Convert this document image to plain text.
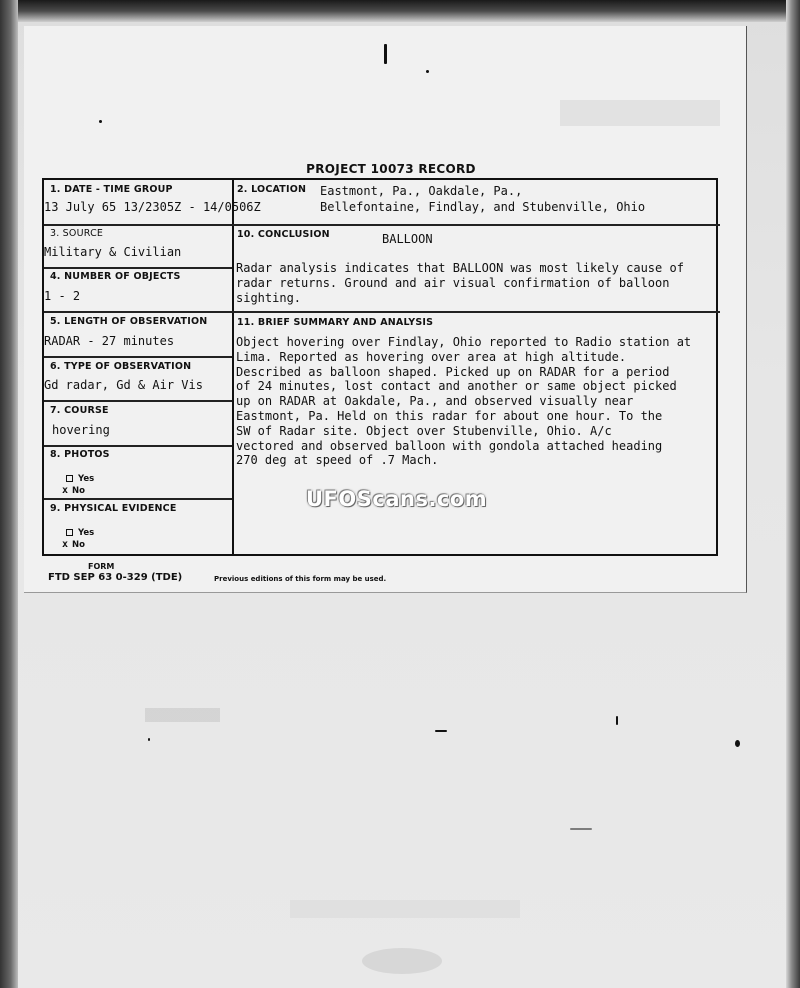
PROJECT 10073 RECORD
1. DATE - TIME GROUP
13 July 65 13/2305Z - 14/0506Z
2. LOCATION Eastmont, Pa., Oakdale, Pa.,
Bellefontaine, Findlay, and Stubenville, Ohio
3. SOURCE
Military & Civilian
4. NUMBER OF OBJECTS
1 - 2
5. LENGTH OF OBSERVATION
RADAR - 27 minutes
6. TYPE OF OBSERVATION
Gd radar, Gd & Air Vis
7. COURSE
hovering
8. PHOTOS
Yes
x No
9. PHYSICAL EVIDENCE
Yes
x No
10. CONCLUSION	BALLOON
Radar analysis indicates that BALLOON was most likely cause of
radar returns. Ground and air visual confirmation of balloon
sighting.
11. BRIEF SUMMARY AND ANALYSIS
Object hovering over Findlay, Ohio reported to Radio station at
Lima. Reported as hovering over area at high altitude.
Described as balloon shaped. Picked up on RADAR for a period
of 24 minutes, lost contact and another or same object picked
up on RADAR at Oakdale, Pa., and observed visually near
Eastmont, Pa. Held on this radar for about one hour. To the
SW of Radar site. Object over Stubenville, Ohio. A/c
vectored and observed balloon with gondola attached heading
270 deg at speed of .7 Mach.
FORM
FTD SEP 63 0-329 (TDE)	Previous editions of this form may be used.
UFOScans.com
